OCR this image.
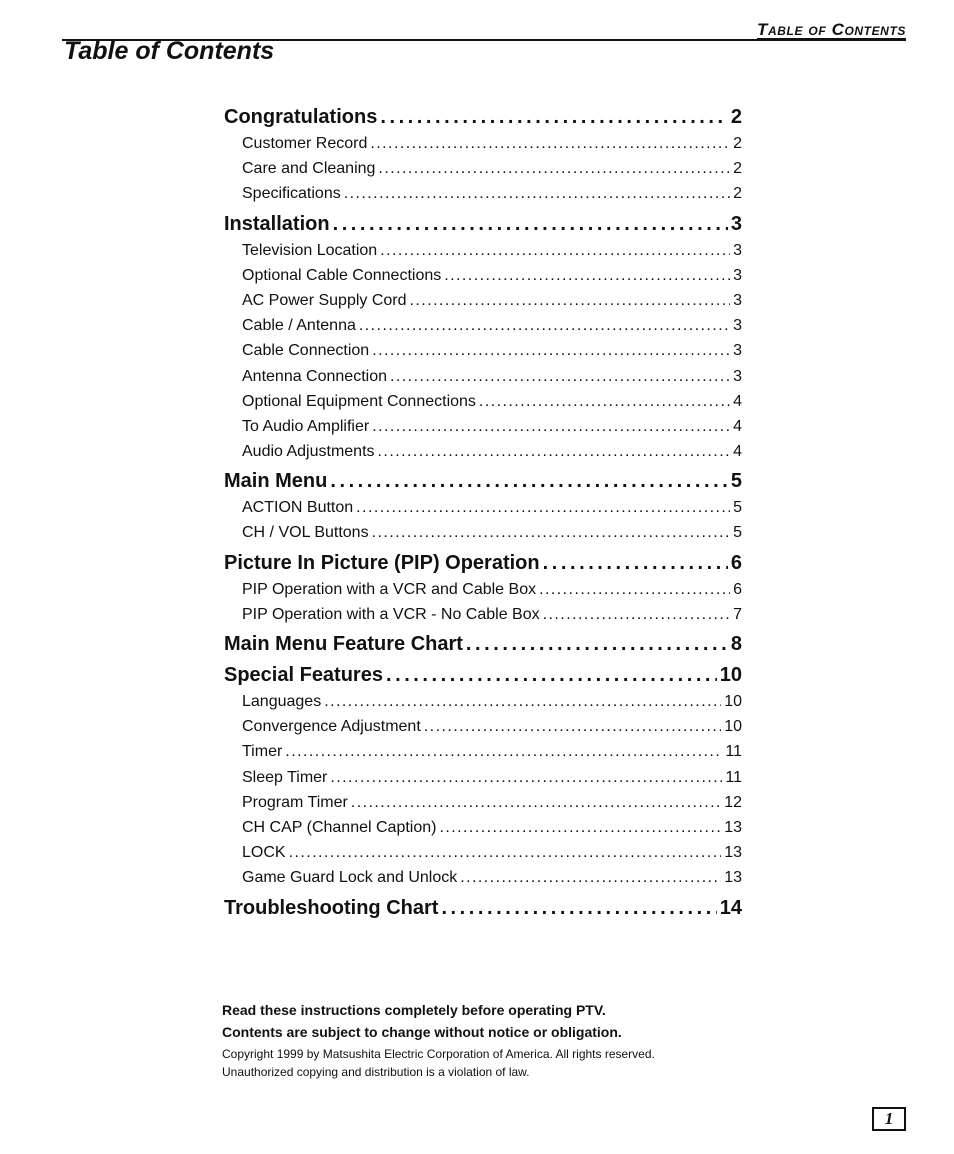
Table of Contents
Table of Contents
Congratulations . . .	2
Customer Record . . .	2
Care and Cleaning . . .	2
Specifications . . .	2
Installation . . .	3
Television Location . . .	3
Optional Cable Connections . . .	3
AC Power Supply Cord . . .	3
Cable / Antenna . . .	3
Cable Connection . . .	3
Antenna Connection . . .	3
Optional Equipment Connections . . .	4
To Audio Amplifier . . .	4
Audio Adjustments . . .	4
Main Menu . . .	5
ACTION Button . . .	5
CH / VOL Buttons . . .	5
Picture In Picture (PIP) Operation . . .	6
PIP Operation with a VCR and Cable Box . . .	6
PIP Operation with a VCR - No Cable Box . . .	7
Main Menu Feature Chart . . .	8
Special Features . . .	10
Languages . . .	10
Convergence Adjustment . . .	10
Timer . . .	11
Sleep Timer . . .	11
Program Timer . . .	12
CH CAP (Channel Caption) . . .	13
LOCK . . .	13
Game Guard Lock and Unlock . . .	13
Troubleshooting Chart . . .	14

Read these instructions completely before operating PTV.

Contents are subject to change without notice or obligation.

Copyright 1999 by Matsushita Electric Corporation of America. All rights reserved.

Unauthorized copying and distribution is a violation of law.

1
